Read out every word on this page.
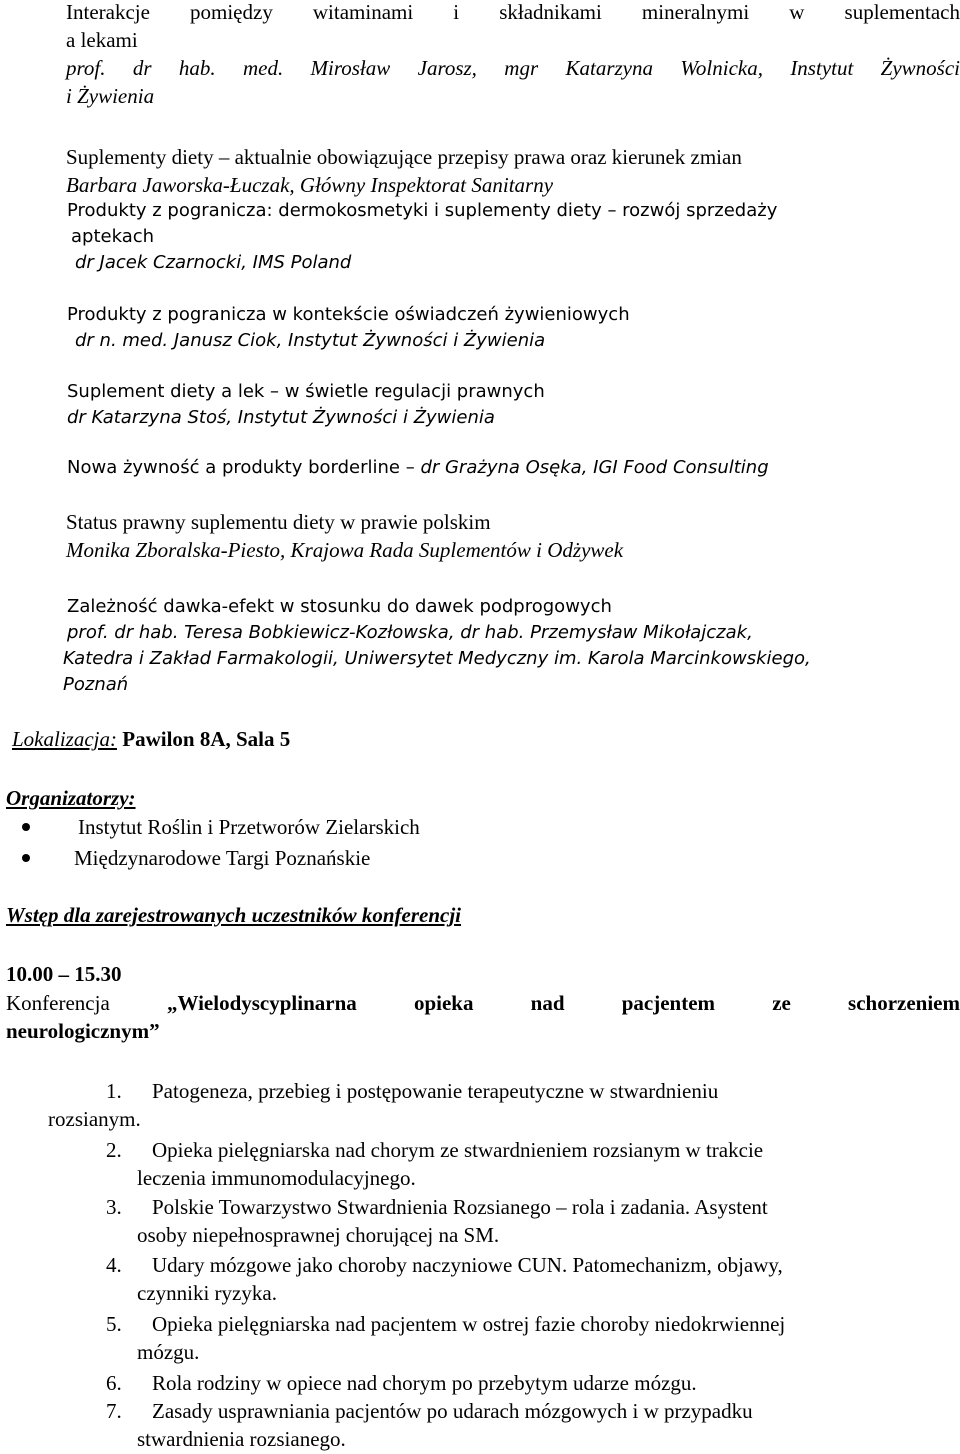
Interakcje pomiędzy witaminami i składnikami mineralnymi w suplementach
a lekami
prof. dr hab. med. Mirosław Jarosz, mgr Katarzyna Wolnicka, Instytut Żywności
i Żywienia
Suplementy diety – aktualnie obowiązujące przepisy prawa oraz kierunek zmian
Barbara Jaworska-Łuczak, Główny Inspektorat Sanitarny
Produkty z pogranicza: dermokosmetyki i suplementy diety – rozwój sprzedaży
aptekach
dr Jacek Czarnocki, IMS Poland
Produkty z pogranicza w kontekście oświadczeń żywieniowych
dr n. med. Janusz Ciok, Instytut Żywności i Żywienia
Suplement diety a lek – w świetle regulacji prawnych
dr Katarzyna Stoś, Instytut Żywności i Żywienia
Nowa żywność a produkty borderline – dr Grażyna Osęka, IGI Food Consulting
Status prawny suplementu diety w prawie polskim
Monika Zboralska-Piesto, Krajowa Rada Suplementów i Odżywek
Zależność dawka-efekt w stosunku do dawek podprogowych
prof. dr hab. Teresa Bobkiewicz-Kozłowska, dr hab. Przemysław Mikołajczak,
Katedra i Zakład Farmakologii, Uniwersytet Medyczny im. Karola Marcinkowskiego,
Poznań
Lokalizacja: Pawilon 8A, Sala 5
Organizatorzy:
Instytut Roślin i Przetworów Zielarskich
Międzynarodowe Targi Poznańskie
Wstęp dla zarejestrowanych uczestników konferencji
10.00 – 15.30
Konferencja	„Wielodyscyplinarna opieka nad pacjentem ze schorzeniem
neurologicznym”
1. Patogeneza, przebieg i postępowanie terapeutyczne w stwardnieniu
rozsianym.
2. Opieka pielęgniarska nad chorym ze stwardnieniem rozsianym w trakcie
leczenia immunomodulacyjnego.
3. Polskie Towarzystwo Stwardnienia Rozsianego – rola i zadania. Asystent
osoby niepełnosprawnej chorującej na SM.
4. Udary mózgowe jako choroby naczyniowe CUN. Patomechanizm, objawy,
czynniki ryzyka.
5. Opieka pielęgniarska nad pacjentem w ostrej fazie choroby niedokrwiennej
mózgu.
6. Rola rodziny w opiece nad chorym po przebytym udarze mózgu.
7. Zasady usprawniania pacjentów po udarach mózgowych i w przypadku
stwardnienia rozsianego.
